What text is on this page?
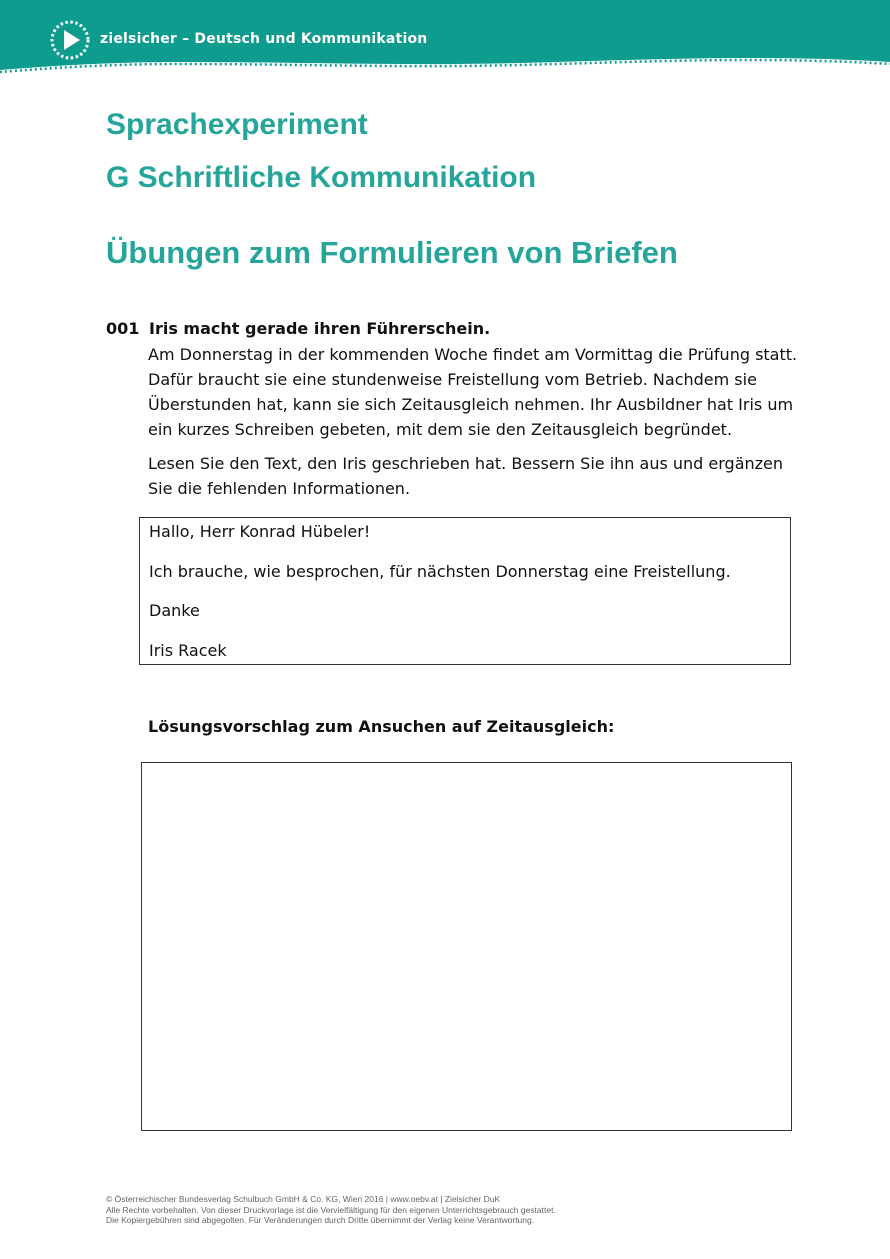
zielsicher – Deutsch und Kommunikation
Sprachexperiment
G Schriftliche Kommunikation
Übungen zum Formulieren von Briefen
001 Iris macht gerade ihren Führerschein.

Am Donnerstag in der kommenden Woche findet am Vormittag die Prüfung statt. Dafür braucht sie eine stundenweise Freistellung vom Betrieb. Nachdem sie Überstunden hat, kann sie sich Zeitausgleich nehmen. Ihr Ausbildner hat Iris um ein kurzes Schreiben gebeten, mit dem sie den Zeitausgleich begründet.

Lesen Sie den Text, den Iris geschrieben hat. Bessern Sie ihn aus und ergänzen Sie die fehlenden Informationen.

Hallo, Herr Konrad Hübeler!
Ich brauche, wie besprochen, für nächsten Donnerstag eine Freistellung.
Danke
Iris Racek
Lösungsvorschlag zum Ansuchen auf Zeitausgleich:
© Österreichischer Bundesverlag Schulbuch GmbH & Co. KG, Wien 2016 | www.oebv.at | Zielsicher DuK
Alle Rechte vorbehalten. Von dieser Druckvorlage ist die Vervielfältigung für den eigenen Unterrichtsgebrauch gestattet.
Die Kopiergebühren sind abgegolten. Für Veränderungen durch Dritte übernimmt der Verlag keine Verantwortung.
